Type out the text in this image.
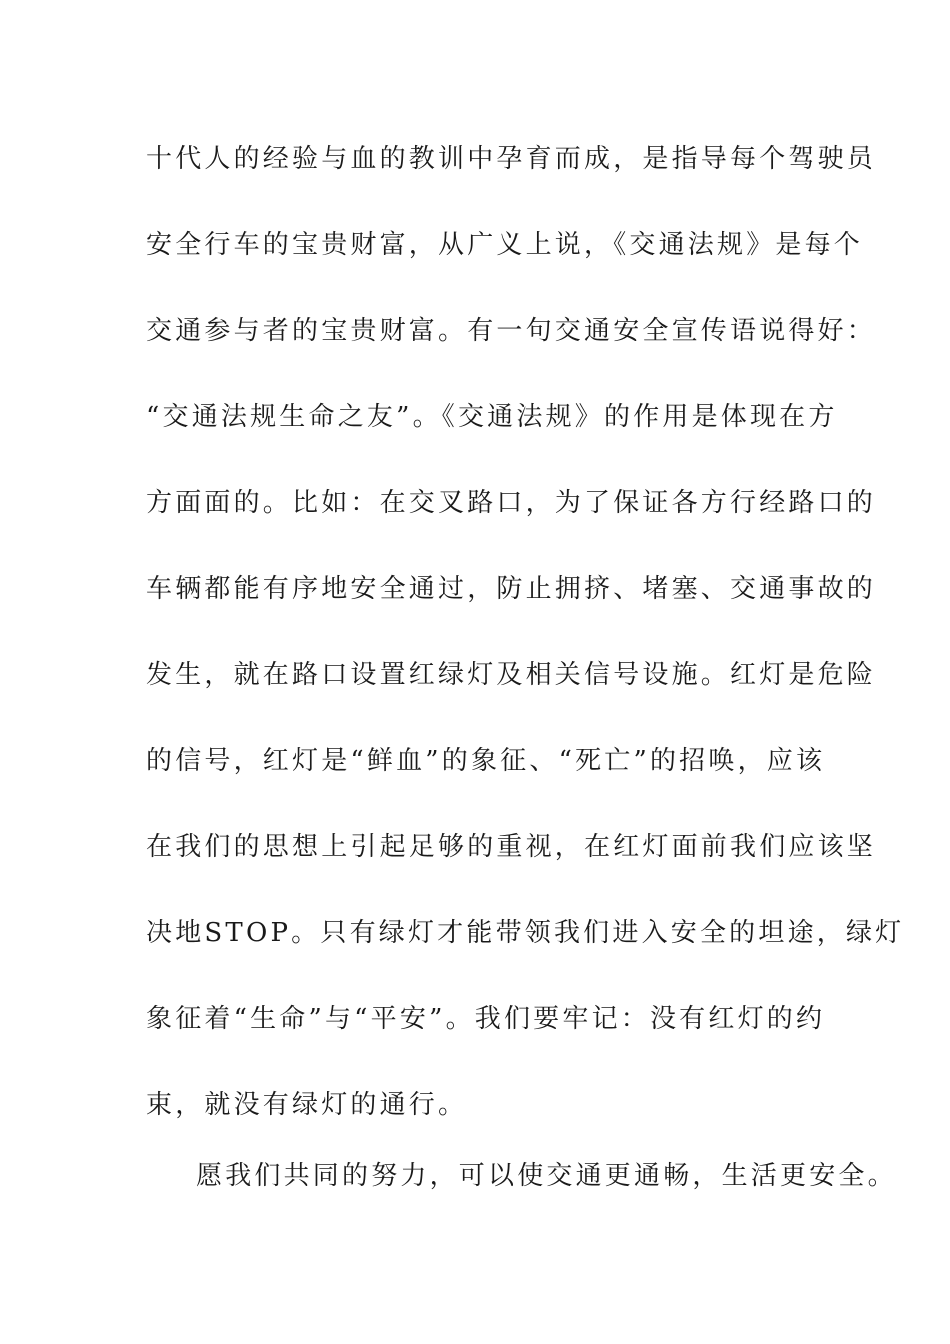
十代人的经验与血的教训中孕育而成，是指导每个驾驶员
安全行车的宝贵财富，从广义上说，《交通法规》是每个
交通参与者的宝贵财富。有一句交通安全宣传语说得好：
“交通法规生命之友”。《交通法规》的作用是体现在方
方面面的。比如：在交叉路口，为了保证各方行经路口的
车辆都能有序地安全通过，防止拥挤、堵塞、交通事故的
发生，就在路口设置红绿灯及相关信号设施。红灯是危险
的信号，红灯是“鲜血”的象征、“死亡”的招唤，应该
在我们的思想上引起足够的重视，在红灯面前我们应该坚
决地STOP。只有绿灯才能带领我们进入安全的坦途，绿灯
象征着“生命”与“平安”。我们要牢记：没有红灯的约
束，就没有绿灯的通行。
愿我们共同的努力，可以使交通更通畅，生活更安全。
